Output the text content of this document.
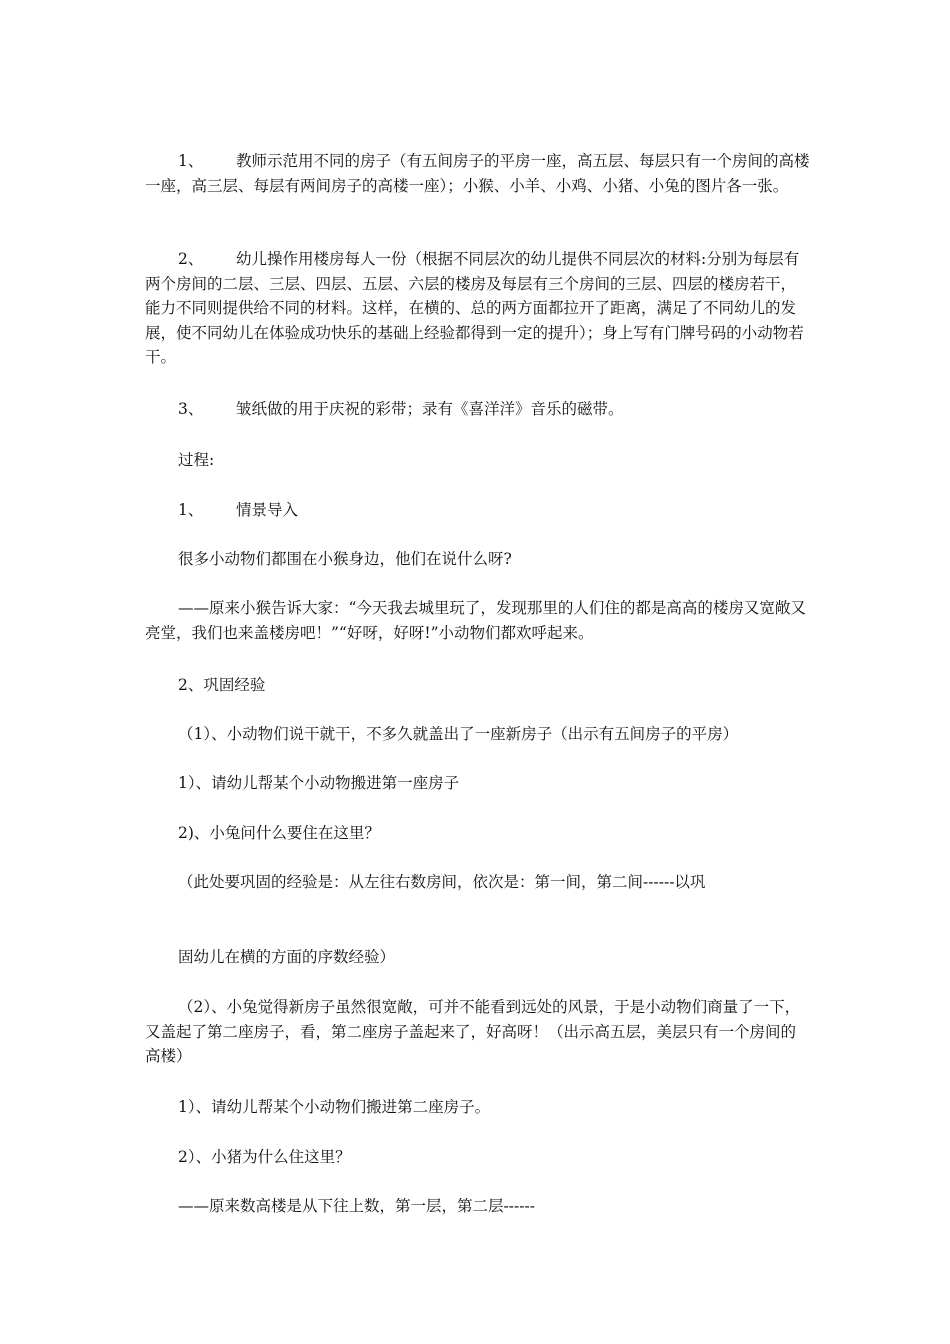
1、 教师示范用不同的房子（有五间房子的平房一座，高五层、每层只有一个房间的高楼一座，高三层、每层有两间房子的高楼一座）；小猴、小羊、小鸡、小猪、小兔的图片各一张。

2、 幼儿操作用楼房每人一份（根据不同层次的幼儿提供不同层次的材料:分别为每层有两个房间的二层、三层、四层、五层、六层的楼房及每层有三个房间的三层、四层的楼房若干，能力不同则提供给不同的材料。这样，在横的、总的两方面都拉开了距离，满足了不同幼儿的发展，使不同幼儿在体验成功快乐的基础上经验都得到一定的提升）；身上写有门牌号码的小动物若干。

3、 皱纸做的用于庆祝的彩带；录有《喜洋洋》音乐的磁带。

过程:

1、 情景导入

很多小动物们都围在小猴身边，他们在说什么呀?

——原来小猴告诉大家：“今天我去城里玩了，发现那里的人们住的都是高高的楼房又宽敞又亮堂，我们也来盖楼房吧！”“好呀，好呀!”小动物们都欢呼起来。

2、巩固经验

（1）、小动物们说干就干，不多久就盖出了一座新房子（出示有五间房子的平房）

1）、请幼儿帮某个小动物搬进第一座房子

2)、小兔问什么要住在这里？

（此处要巩固的经验是：从左往右数房间，依次是：第一间，第二间------以巩

固幼儿在横的方面的序数经验）

（2）、小兔觉得新房子虽然很宽敞，可并不能看到远处的风景，于是小动物们商量了一下，又盖起了第二座房子，看，第二座房子盖起来了，好高呀！（出示高五层，美层只有一个房间的高楼）

1）、请幼儿帮某个小动物们搬进第二座房子。

2）、小猪为什么住这里？

——原来数高楼是从下往上数，第一层，第二层------
